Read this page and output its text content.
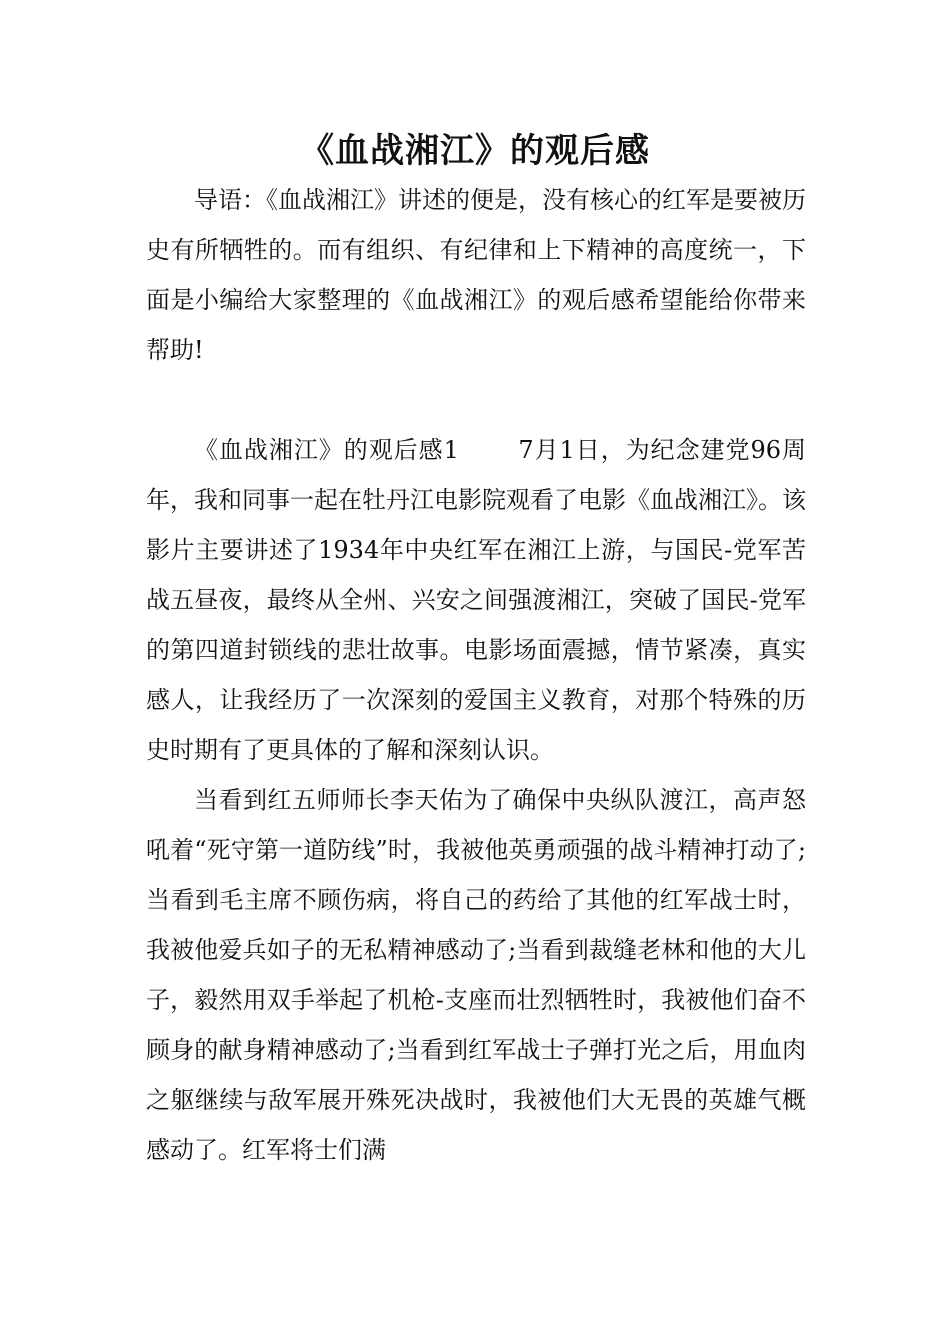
《血战湘江》的观后感

导语：《血战湘江》讲述的便是，没有核心的红军是要被历史有所牺牲的。而有组织、有纪律和上下精神的高度统一，下面是小编给大家整理的《血战湘江》的观后感希望能给你带来帮助!

《血战湘江》的观后感1　　 7月1日，为纪念建党96周年，我和同事一起在牡丹江电影院观看了电影《血战湘江》。该影片主要讲述了1934年中央红军在湘江上游，与国民-党军苦战五昼夜，最终从全州、兴安之间强渡湘江，突破了国民-党军的第四道封锁线的悲壮故事。电影场面震撼，情节紧凑，真实感人，让我经历了一次深刻的爱国主义教育，对那个特殊的历史时期有了更具体的了解和深刻认识。

当看到红五师师长李天佑为了确保中央纵队渡江，高声怒吼着“死守第一道防线”时，我被他英勇顽强的战斗精神打动了;当看到毛主席不顾伤病，将自己的药给了其他的红军战士时，我被他爱兵如子的无私精神感动了;当看到裁缝老林和他的大儿子，毅然用双手举起了机枪-支座而壮烈牺牲时，我被他们奋不顾身的献身精神感动了;当看到红军战士子弹打光之后，用血肉之躯继续与敌军展开殊死决战时，我被他们大无畏的英雄气概感动了。红军将士们满
